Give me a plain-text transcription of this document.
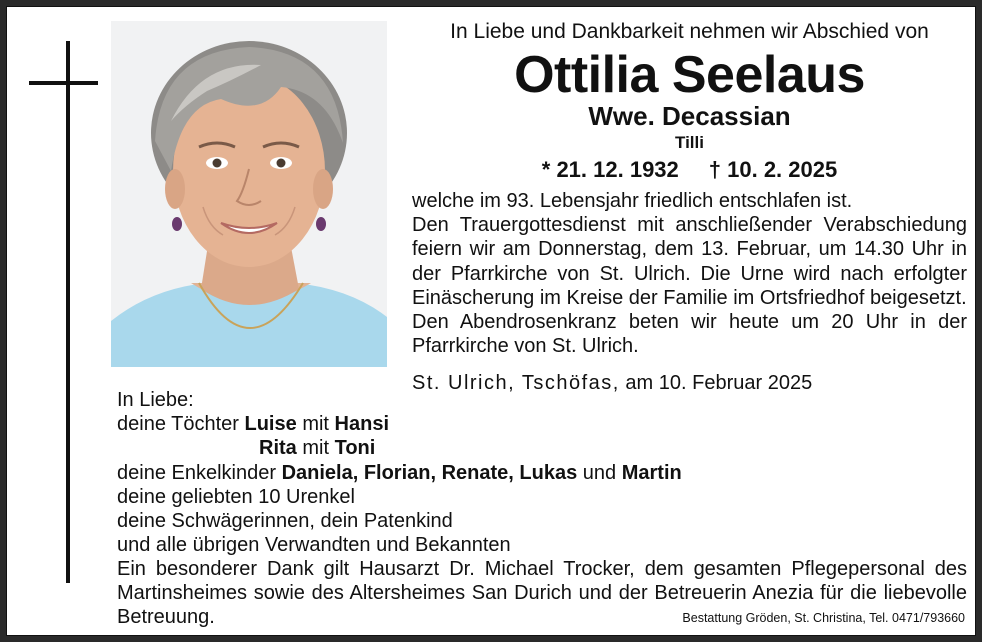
In Liebe und Dankbarkeit nehmen wir Abschied von
Ottilia Seelaus
Wwe. Decassian
Tilli
* 21. 12. 1932 † 10. 2. 2025

welche im 93. Lebensjahr friedlich entschlafen ist.

Den Trauergottesdienst mit anschließender Verabschiedung feiern wir am Donnerstag, dem 13. Februar, um 14.30 Uhr in der Pfarrkirche von St. Ulrich. Die Urne wird nach erfolgter Einäscherung im Kreise der Familie im Ortsfriedhof beigesetzt.

Den Abendrosenkranz beten wir heute um 20 Uhr in der Pfarrkirche von St. Ulrich.

St. Ulrich, Tschöfas, am 10. Februar 2025
In Liebe:
deine Töchter Luise mit Hansi
Rita mit Toni
deine Enkelkinder Daniela, Florian, Renate, Lukas und Martin
deine geliebten 10 Urenkel
deine Schwägerinnen, dein Patenkind
und alle übrigen Verwandten und Bekannten

Ein besonderer Dank gilt Hausarzt Dr. Michael Trocker, dem gesamten Pflegepersonal des Martinsheimes sowie des Altersheimes San Durich und der Betreuerin Anezia für die liebevolle Betreuung.	Bestattung Gröden, St. Christina, Tel. 0471/793660
